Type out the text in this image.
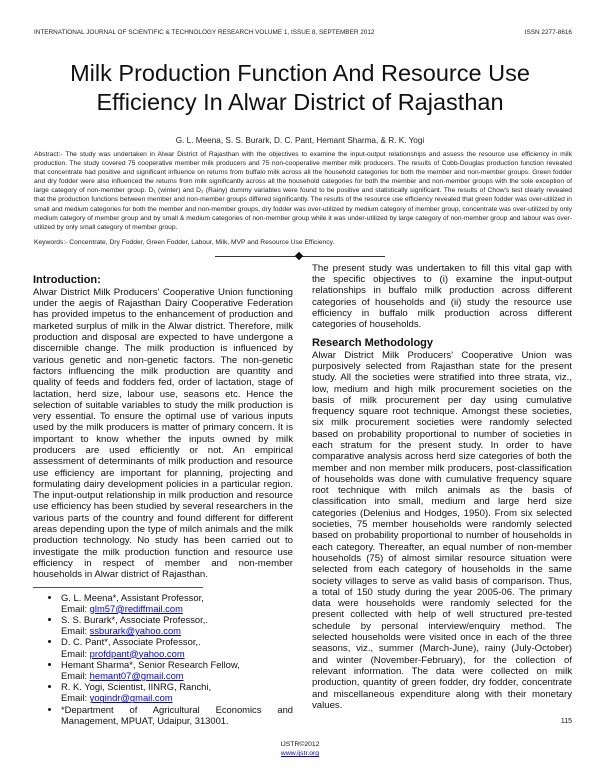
INTERNATIONAL JOURNAL OF SCIENTIFIC & TECHNOLOGY RESEARCH VOLUME 1, ISSUE 8, SEPTEMBER 2012	ISSN 2277-8616
Milk Production Function And Resource Use
Efficiency In Alwar District of Rajasthan
G. L. Meena, S. S. Burark, D. C. Pant, Hemant Sharma, & R. K. Yogi
Abstract:- The study was undertaken in Alwar District of Rajasthan with the objectives to examine the input-output relationships and assess the resource use efficiency in milk production. The study covered 75 cooperative member milk producers and 75 non-cooperative member milk producers. The results of Cobb-Douglas production function revealed that concentrate had positive and significant influence on returns from buffalo milk across all the household categories for both the member and non-member groups. Green fodder and dry fodder were also influenced the returns from milk significantly across all the household categories for both the member and non-member groups with the sole exception of large category of non-member group. D₁ (winter) and D₂ (Rainy) dummy variables were found to be positive and statistically significant. The results of Chow's test clearly revealed that the production functions between member and non-member groups differed significantly. The results of the resource use efficiency revealed that green fodder was over-utilized in small and medium categories for both the member and non-member groups, dry fodder was over-utilized by medium category of member group, concentrate was over-utilized by only medium category of member group and by small & medium categories of non-member group while it was under-utilized by large category of non-member group and labour was over-utilized by only small category of member group.
Keywords:- Concentrate, Dry Fodder, Green Fodder, Labour, Milk, MVP and Resource Use Efficiency.
Introduction:

Alwar District Milk Producers' Cooperative Union functioning under the aegis of Rajasthan Dairy Cooperative Federation has provided impetus to the enhancement of production and marketed surplus of milk in the Alwar district. Therefore, milk production and disposal are expected to have undergone a discernible change. The milk production is influenced by various genetic and non-genetic factors. The non-genetic factors influencing the milk production are quantity and quality of feeds and fodders fed, order of lactation, stage of lactation, herd size, labour use, seasons etc. Hence the selection of suitable variables to study the milk production is very essential. To ensure the optimal use of various inputs used by the milk producers is matter of primary concern. It is important to know whether the inputs owned by milk producers are used efficiently or not. An empirical assessment of determinants of milk production and resource use efficiency are important for planning, projecting and formulating dairy development policies in a particular region. The input-output relationship in milk production and resource use efficiency has been studied by several researchers in the various parts of the country and found different for different areas depending upon the type of milch animals and the milk production technology. No study has been carried out to investigate the milk production function and resource use efficiency in respect of member and non-member households in Alwar district of Rajasthan.

• G. L. Meena*, Assistant Professor,
Email: glm57@rediffmail.com
• S. S. Burark*, Associate Professor,.
Email: ssburark@yahoo.com
• D. C. Pant*, Associate Professor,.
Email: profdpant@yahoo.com
• Hemant Sharma*, Senior Research Fellow,
Email: hemant07@gmail.com
• R. K. Yogi, Scientist, IINRG, Ranchi,
Email: yogindr@gmail.com
• *Department of Agricultural Economics and Management, MPUAT, Udaipur, 313001.

The present study was undertaken to fill this vital gap with the specific objectives to (i) examine the input-output relationships in buffalo milk production across different categories of households and (ii) study the resource use efficiency in buffalo milk production across different categories of households.

Research Methodology

Alwar District Milk Producers' Cooperative Union was purposively selected from Rajasthan state for the present study. All the societies were stratified into three strata, viz., low, medium and high milk procurement societies on the basis of milk procurement per day using cumulative frequency square root technique. Amongst these societies, six milk procurement societies were randomly selected based on probability proportional to number of societies in each stratum for the present study. In order to have comparative analysis across herd size categories of both the member and non member milk producers, post-classification of households was done with cumulative frequency square root technique with milch animals as the basis of classification into small, medium and large herd size categories (Delenius and Hodges, 1950). From six selected societies, 75 member households were randomly selected based on probability proportional to number of households in each category. Thereafter, an equal number of non-member households (75) of almost similar resource situation were selected from each category of households in the same society villages to serve as valid basis of comparison. Thus, a total of 150 study during the year 2005-06. The primary data were households were randomly selected for the present collected with help of well structured pre-tested schedule by personal interview/enquiry method. The selected households were visited once in each of the three seasons, viz., summer (March-June), rainy (July-October) and winter (November-February), for the collection of relevant information. The data were collected on milk production, quantity of green fodder, dry fodder, concentrate and miscellaneous expenditure along with their monetary values.

115
IJSTR©2012
www.ijstr.org
